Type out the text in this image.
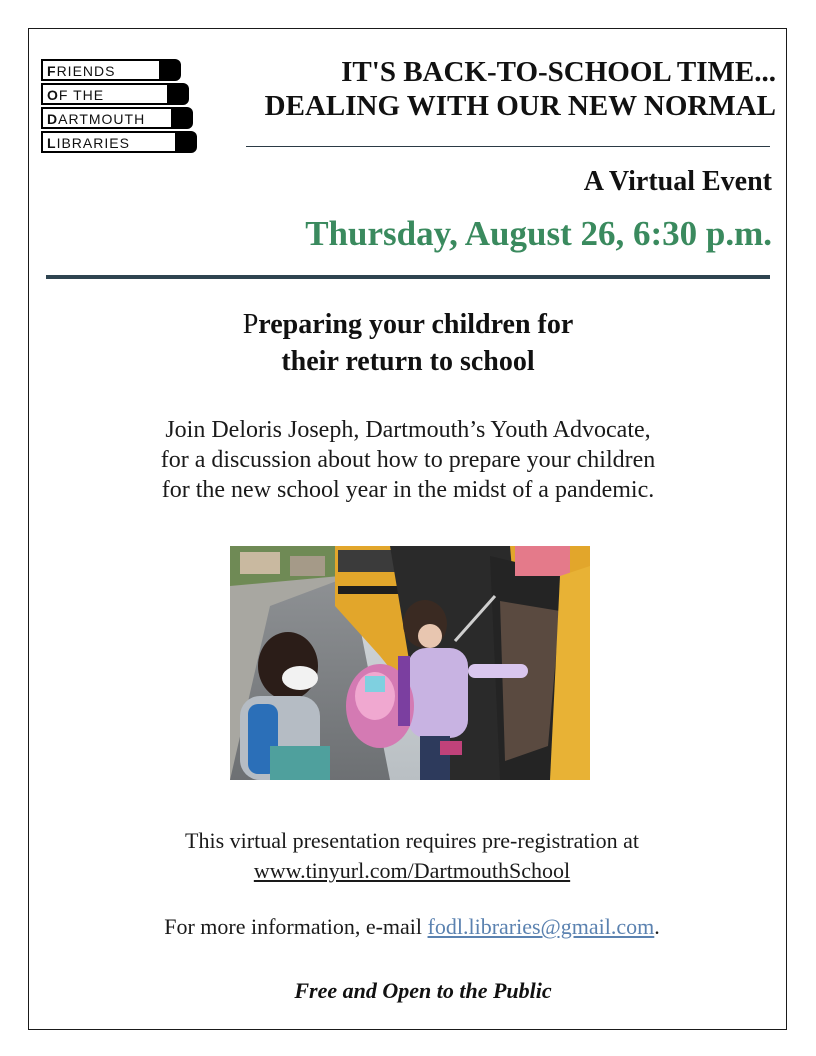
FRIENDS
OF THE
DARTMOUTH
LIBRARIES
IT'S BACK-TO-SCHOOL TIME...
DEALING WITH OUR NEW NORMAL
A Virtual Event
Thursday, August 26, 6:30 p.m.
Preparing your children for
their return to school
Join Deloris Joseph, Dartmouth’s Youth Advocate,
for a discussion about how to prepare your children
for the new school year in the midst of a pandemic.
This virtual presentation requires pre-registration at
www.tinyurl.com/DartmouthSchool
For more information, e-mail fodl.libraries@gmail.com.
Free and Open to the Public
